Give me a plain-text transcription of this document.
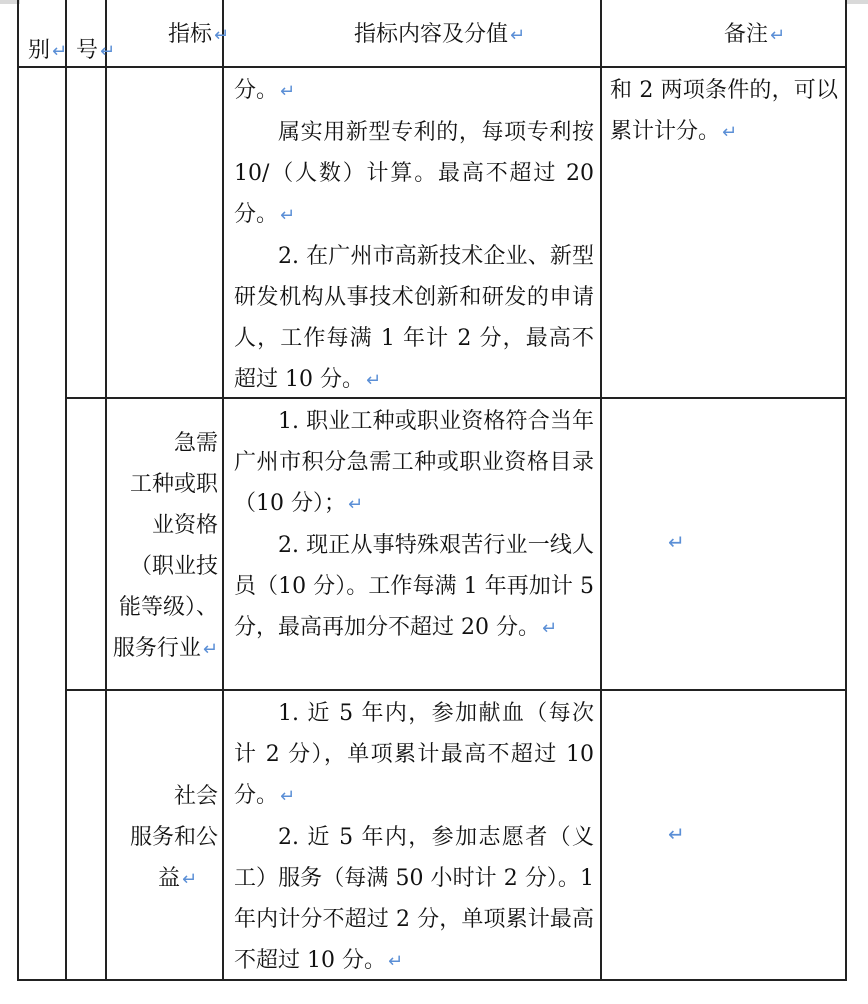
别 ↵ 号 ↵
指标 ↵	指标内容及分值 ↵	备注 ↵

分。 ↵

属实用新型专利的，每项专利按 10/（人数）计算。最高不超过 20 分。 ↵

2. 在广州市高新技术企业、新型研发机构从事技术创新和研发的申请人，工作每满 1 年计 2 分，最高不超过 10 分。 ↵

和 2 两项条件的，可以累计计分。 ↵

急需
工种或职
业资格
（职业技
能等级）、
服务行业 ↵

1. 职业工种或职业资格符合当年广州市积分急需工种或职业资格目录（10 分）； ↵

2. 现正从事特殊艰苦行业一线人员（10 分）。工作每满 1 年再加计 5 分，最高再加分不超过 20 分。 ↵

↵
社会
服务和公
益 ↵

1. 近 5 年内，参加献血（每次计 2 分），单项累计最高不超过 10 分。 ↵

2. 近 5 年内，参加志愿者（义工）服务（每满 50 小时计 2 分）。1 年内计分不超过 2 分，单项累计最高不超过 10 分。 ↵

↵
